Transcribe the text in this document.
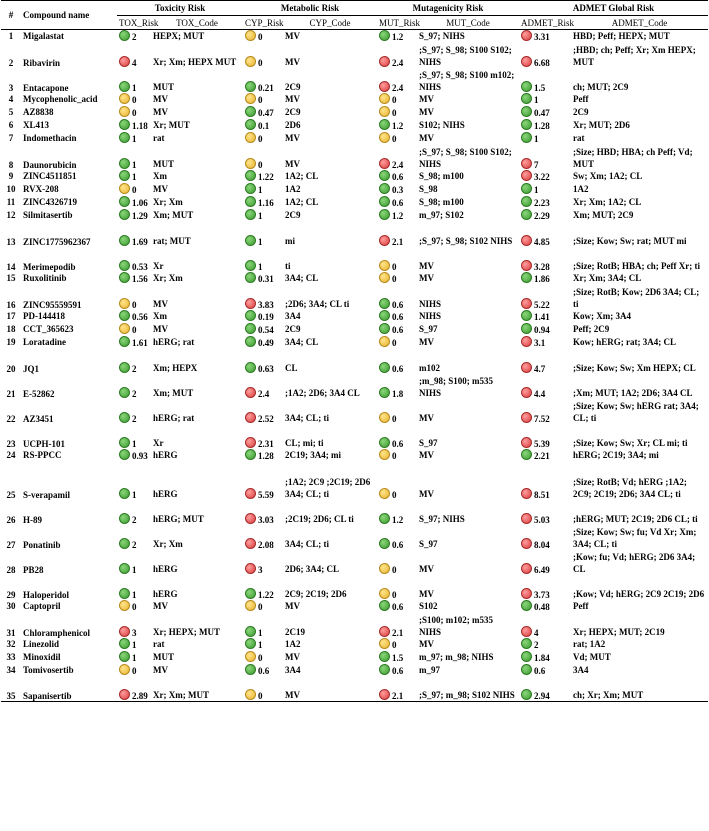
#	Compound name	Toxicity Risk		Metabolic Risk		Mutagenicity Risk		ADMET Global Risk	
		TOX_Risk	TOX_Code	CYP_Risk	CYP_Code	MUT_Risk	MUT_Code	ADMET_Risk	ADMET_Code
1	Migalastat	2	HEPX; MUT	0	MV	1.2	S_97; NIHS	3.31	HBD; Peff; HEPX; MUT
2	Ribavirin	4	Xr; Xm; HEPX MUT	0	MV	2.4	;S_97; S_98; S100 S102; NIHS	6.68	;HBD; ch; Peff; Xr; Xm HEPX; MUT
3	Entacapone	1	MUT	0.21	2C9	2.4	;S_97; S_98; S100 m102; NIHS	1.5	ch; MUT; 2C9
4	Mycophenolic_acid	0	MV	0	MV	0	MV	1	Peff
5	AZ8838	0	MV	0.47	2C9	0	MV	0.47	2C9
6	XL413	1.18	Xr; MUT	0.1	2D6	1.2	S102; NIHS	1.28	Xr; MUT; 2D6
7	Indomethacin	1	rat	0	MV	0	MV	1	rat
8	Daunorubicin	1	MUT	0	MV	2.4	;S_97; S_98; S100 S102; NIHS	7	;Size; HBD; HBA; ch Peff; Vd; MUT
9	ZINC4511851	1	Xm	1.22	1A2; CL	0.6	S_98; m100	3.22	Sw; Xm; 1A2; CL
10	RVX-208	0	MV	1	1A2	0.3	S_98	1	1A2
11	ZINC4326719	1.06	Xr; Xm	1.16	1A2; CL	0.6	S_98; m100	2.23	Xr; Xm; 1A2; CL
12	Silmitasertib	1.29	Xm; MUT	1	2C9	1.2	m_97; S102	2.29	Xm; MUT; 2C9
13	ZINC1775962367	1.69	rat; MUT	1	mi	2.1	;S_97; S_98; S102 NIHS	4.85	;Size; Kow; Sw; rat; MUT mi
14	Merimepodib	0.53	Xr	1	ti	0	MV	3.28	;Size; RotB; HBA; ch; Peff Xr; ti
15	Ruxolitinib	1.56	Xr; Xm	0.31	3A4; CL	0	MV	1.86	Xr; Xm; 3A4; CL
16	ZINC95559591	0	MV	3.83	;2D6; 3A4; CL ti	0.6	NIHS	5.22	;Size; RotB; Kow; 2D6 3A4; CL; ti
17	PD-144418	0.56	Xm	0.19	3A4	0.6	NIHS	1.41	Kow; Xm; 3A4
18	CCT_365623	0	MV	0.54	2C9	0.6	S_97	0.94	Peff; 2C9
19	Loratadine	1.61	hERG; rat	0.49	3A4; CL	0	MV	3.1	Kow; hERG; rat; 3A4; CL
20	JQ1	2	Xm; HEPX	0.63	CL	0.6	m102	4.7	;Size; Kow; Sw; Xm HEPX; CL
21	E-52862	2	Xm; MUT	2.4	;1A2; 2D6; 3A4 CL	1.8	;m_98; S100; m535 NIHS	4.4	;Xm; MUT; 1A2; 2D6; 3A4 CL
22	AZ3451	2	hERG; rat	2.52	3A4; CL; ti	0	MV	7.52	;Size; Kow; Sw; hERG rat; 3A4; CL; ti
23	UCPH-101	1	Xr	2.31	CL; mi; ti	0.6	S_97	5.39	;Size; Kow; Sw; Xr; CL mi; ti
24	RS-PPCC	0.93	hERG	1.28	2C19; 3A4; mi	0	MV	2.21	hERG; 2C19; 3A4; mi
25	S-verapamil	1	hERG	5.59	;1A2; 2C9 ;2C19; 2D6 3A4; CL; ti	0	MV	8.51	;Size; RotB; Vd; hERG ;1A2; 2C9; 2C19; 2D6; 3A4 CL; ti
26	H-89	2	hERG; MUT	3.03	;2C19; 2D6; CL ti	1.2	S_97; NIHS	5.03	;hERG; MUT; 2C19; 2D6 CL; ti
27	Ponatinib	2	Xr; Xm	2.08	3A4; CL; ti	0.6	S_97	8.04	;Size; Kow; Sw; fu; Vd Xr; Xm; 3A4; CL; ti
28	PB28	1	hERG	3	2D6; 3A4; CL	0	MV	6.49	;Kow; fu; Vd; hERG; 2D6 3A4; CL
29	Haloperidol	1	hERG	1.22	2C9; 2C19; 2D6	0	MV	3.73	;Kow; Vd; hERG; 2C9 2C19; 2D6
30	Captopril	0	MV	0	MV	0.6	S102	0.48	Peff
31	Chloramphenicol	3	Xr; HEPX; MUT	1	2C19	2.1	;S100; m102; m535 NIHS	4	Xr; HEPX; MUT; 2C19
32	Linezolid	1	rat	1	1A2	0	MV	2	rat; 1A2
33	Minoxidil	1	MUT	0	MV	1.5	m_97; m_98; NIHS	1.84	Vd; MUT
34	Tomivosertib	0	MV	0.6	3A4	0.6	m_97	0.6	3A4
35	Sapanisertib	2.89	Xr; Xm; MUT	0	MV	2.1	;S_97; m_98; S102 NIHS	2.94	ch; Xr; Xm; MUT
